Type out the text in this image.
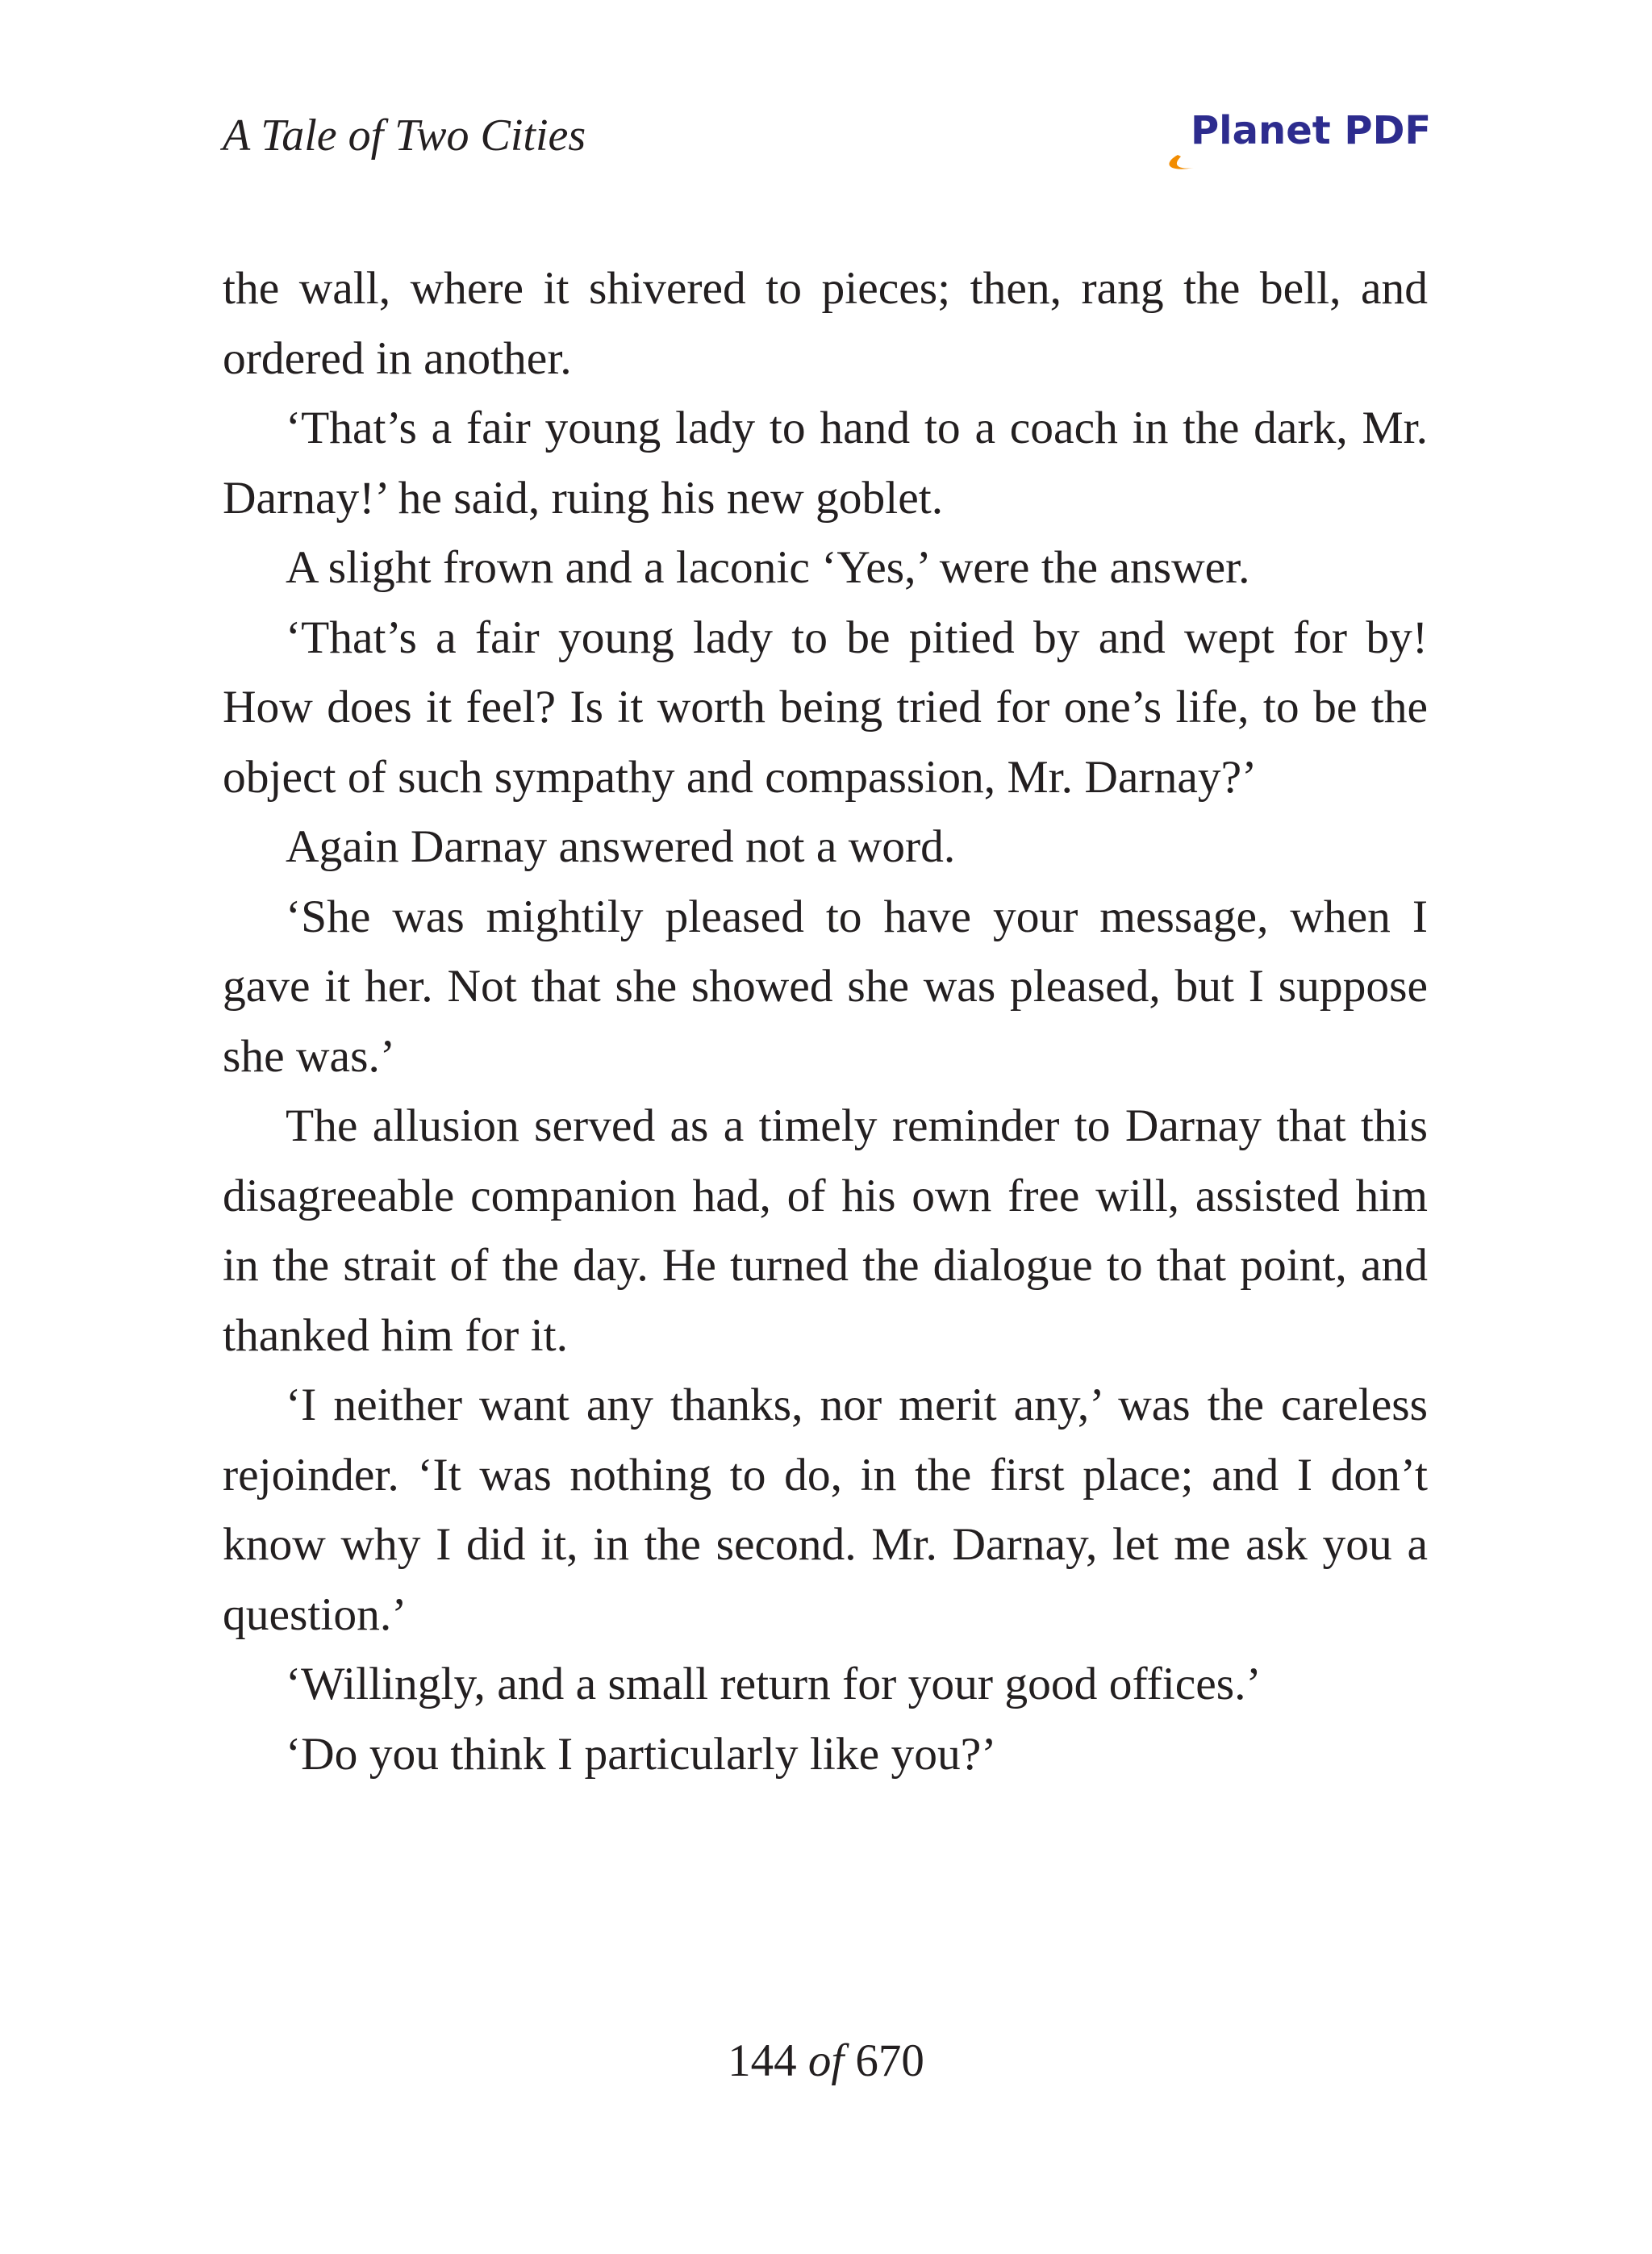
A Tale of Two Cities	Planet PDF

the wall, where it shivered to pieces; then, rang the bell, and ordered in another.

‘That’s a fair young lady to hand to a coach in the dark, Mr. Darnay!’ he said, ruing his new goblet.

A slight frown and a laconic ‘Yes,’ were the answer.

‘That’s a fair young lady to be pitied by and wept for by! How does it feel? Is it worth being tried for one’s life, to be the object of such sympathy and compassion, Mr. Darnay?’

Again Darnay answered not a word.

‘She was mightily pleased to have your message, when I gave it her. Not that she showed she was pleased, but I suppose she was.’

The allusion served as a timely reminder to Darnay that this disagreeable companion had, of his own free will, assisted him in the strait of the day. He turned the dialogue to that point, and thanked him for it.

‘I neither want any thanks, nor merit any,’ was the careless rejoinder. ‘It was nothing to do, in the first place; and I don’t know why I did it, in the second. Mr. Darnay, let me ask you a question.’

‘Willingly, and a small return for your good offices.’

‘Do you think I particularly like you?’

144 of 670
